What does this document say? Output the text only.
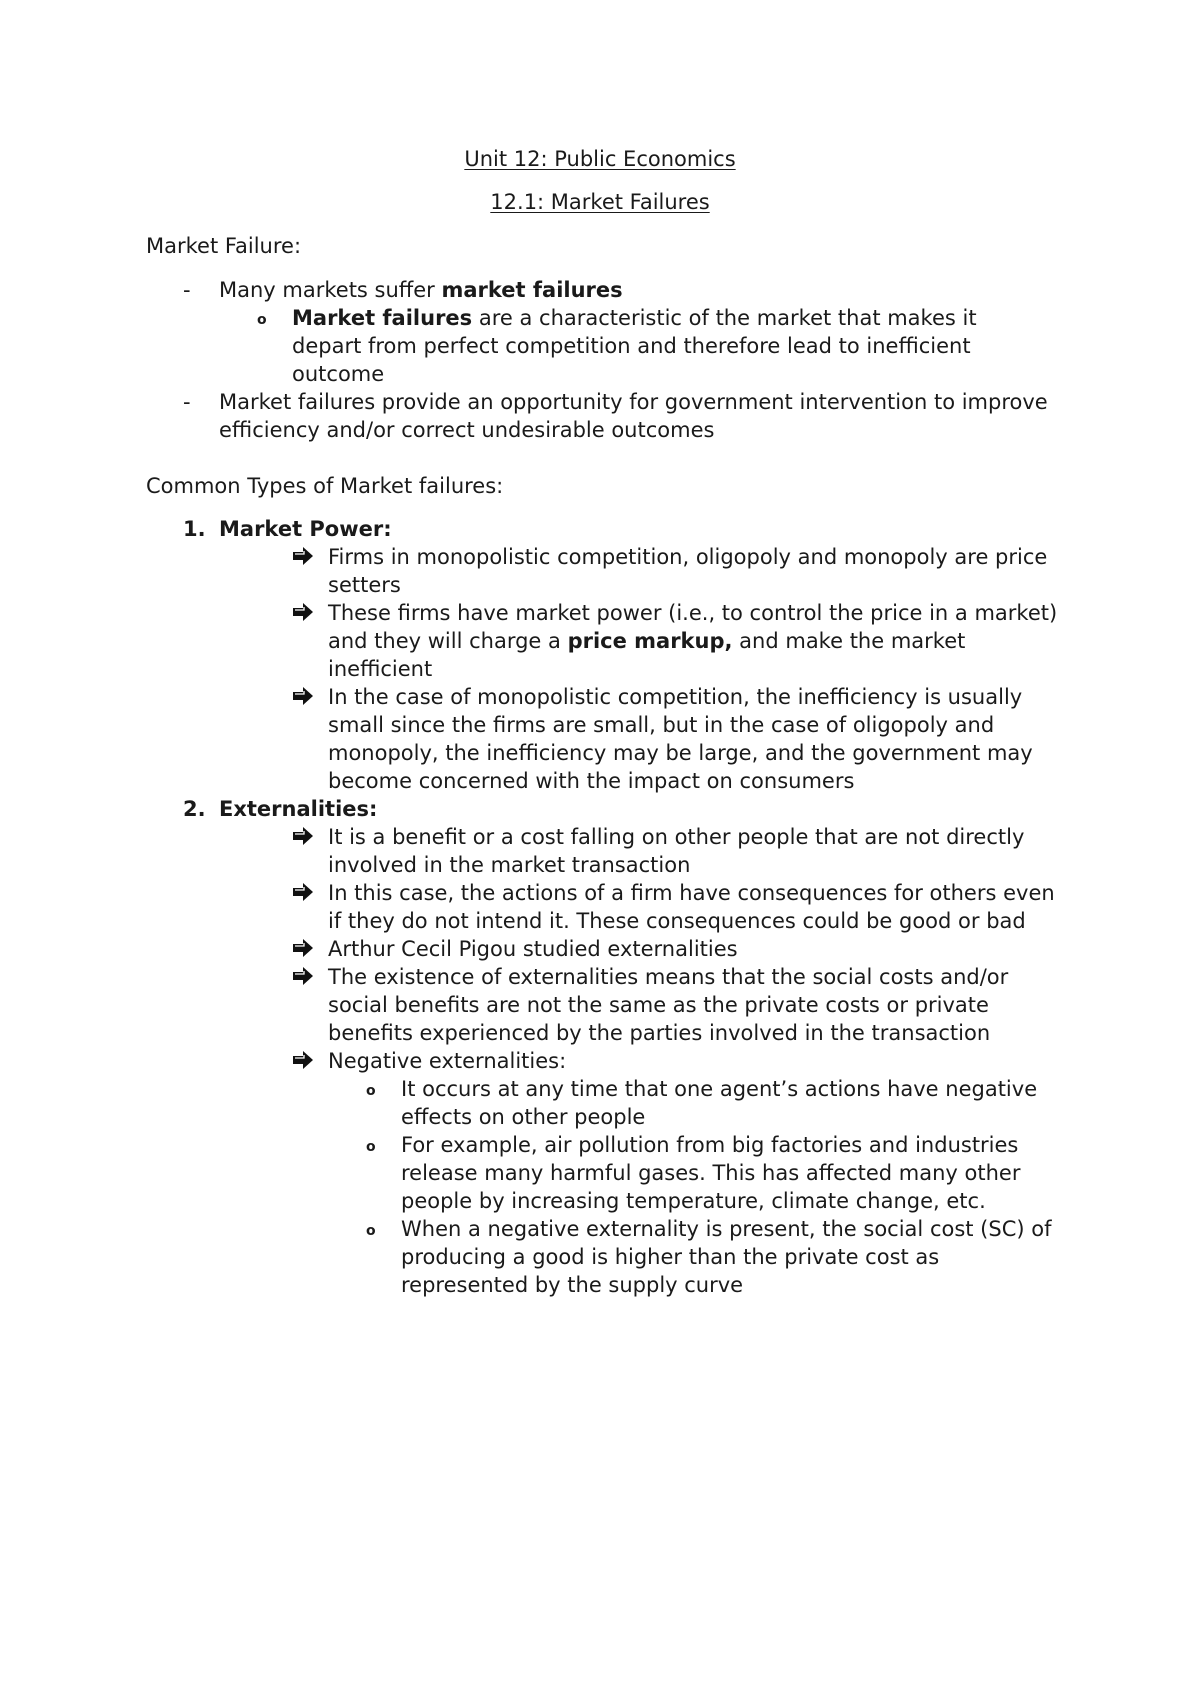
Unit 12: Public Economics
12.1: Market Failures
Market Failure:
- Many markets suffer market failures
o Market failures are a characteristic of the market that makes it depart from perfect competition and therefore lead to inefficient outcome
- Market failures provide an opportunity for government intervention to improve efficiency and/or correct undesirable outcomes
Common Types of Market failures:
1. Market Power:
Firms in monopolistic competition, oligopoly and monopoly are price setters
These firms have market power (i.e., to control the price in a market) and they will charge a price markup, and make the market inefficient
In the case of monopolistic competition, the inefficiency is usually small since the firms are small, but in the case of oligopoly and monopoly, the inefficiency may be large, and the government may become concerned with the impact on consumers
2. Externalities:
It is a benefit or a cost falling on other people that are not directly involved in the market transaction
In this case, the actions of a firm have consequences for others even if they do not intend it. These consequences could be good or bad
Arthur Cecil Pigou studied externalities
The existence of externalities means that the social costs and/or social benefits are not the same as the private costs or private benefits experienced by the parties involved in the transaction
Negative externalities:
o It occurs at any time that one agent’s actions have negative effects on other people
o For example, air pollution from big factories and industries release many harmful gases. This has affected many other people by increasing temperature, climate change, etc.
o When a negative externality is present, the social cost (SC) of producing a good is higher than the private cost as represented by the supply curve
